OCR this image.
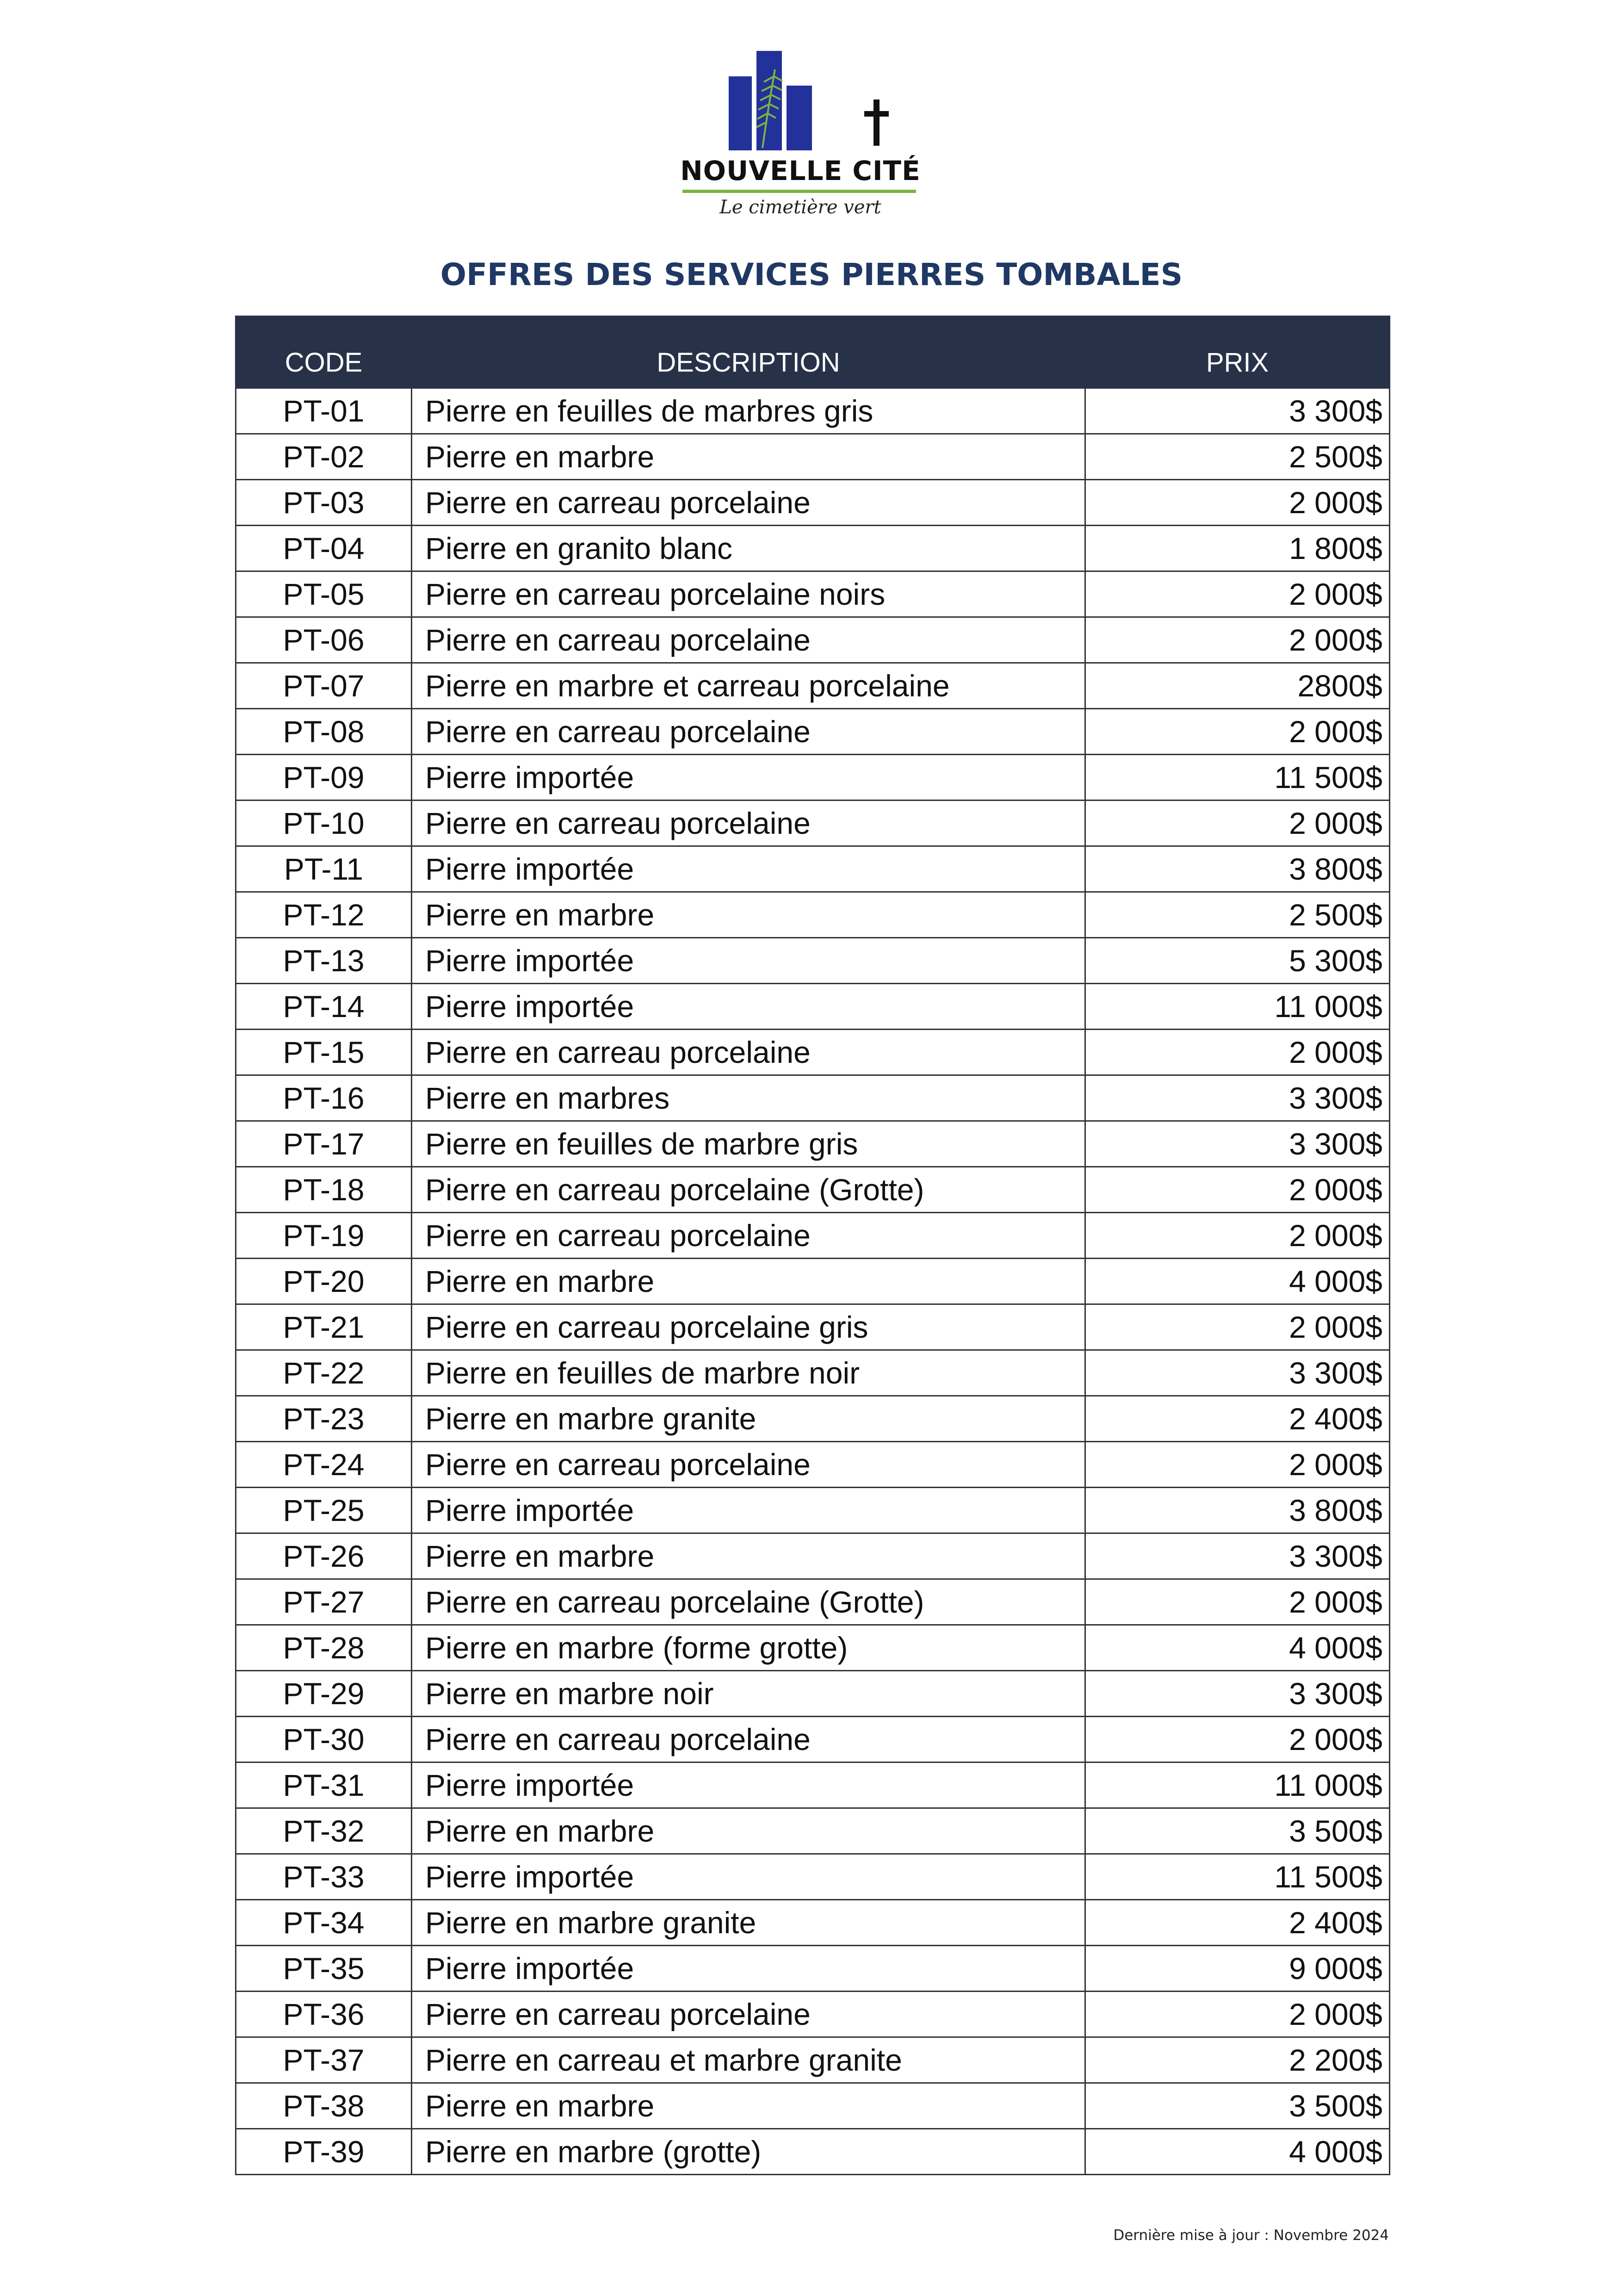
NOUVELLE CITÉ
Le cimetière vert
OFFRES DES SERVICES PIERRES TOMBALES
CODE	DESCRIPTION	PRIX
PT-01	Pierre en feuilles de marbres gris	3 300$
PT-02	Pierre en marbre	2 500$
PT-03	Pierre en carreau porcelaine	2 000$
PT-04	Pierre en granito blanc	1 800$
PT-05	Pierre en carreau porcelaine noirs	2 000$
PT-06	Pierre en carreau porcelaine	2 000$
PT-07	Pierre en marbre et carreau porcelaine	2800$
PT-08	Pierre en carreau porcelaine	2 000$
PT-09	Pierre importée	11 500$
PT-10	Pierre en carreau porcelaine	2 000$
PT-11	Pierre importée	3 800$
PT-12	Pierre en marbre	2 500$
PT-13	Pierre importée	5 300$
PT-14	Pierre importée	11 000$
PT-15	Pierre en carreau porcelaine	2 000$
PT-16	Pierre en marbres	3 300$
PT-17	Pierre en feuilles de marbre gris	3 300$
PT-18	Pierre en carreau porcelaine (Grotte)	2 000$
PT-19	Pierre en carreau porcelaine	2 000$
PT-20	Pierre en marbre	4 000$
PT-21	Pierre en carreau porcelaine gris	2 000$
PT-22	Pierre en feuilles de marbre noir	3 300$
PT-23	Pierre en marbre granite	2 400$
PT-24	Pierre en carreau porcelaine	2 000$
PT-25	Pierre importée	3 800$
PT-26	Pierre en marbre	3 300$
PT-27	Pierre en carreau porcelaine (Grotte)	2 000$
PT-28	Pierre en marbre (forme grotte)	4 000$
PT-29	Pierre en marbre noir	3 300$
PT-30	Pierre en carreau porcelaine	2 000$
PT-31	Pierre importée	11 000$
PT-32	Pierre en marbre	3 500$
PT-33	Pierre importée	11 500$
PT-34	Pierre en marbre granite	2 400$
PT-35	Pierre importée	9 000$
PT-36	Pierre en carreau porcelaine	2 000$
PT-37	Pierre en carreau et marbre granite	2 200$
PT-38	Pierre en marbre	3 500$
PT-39	Pierre en marbre (grotte)	4 000$
Dernière mise à jour : Novembre 2024
